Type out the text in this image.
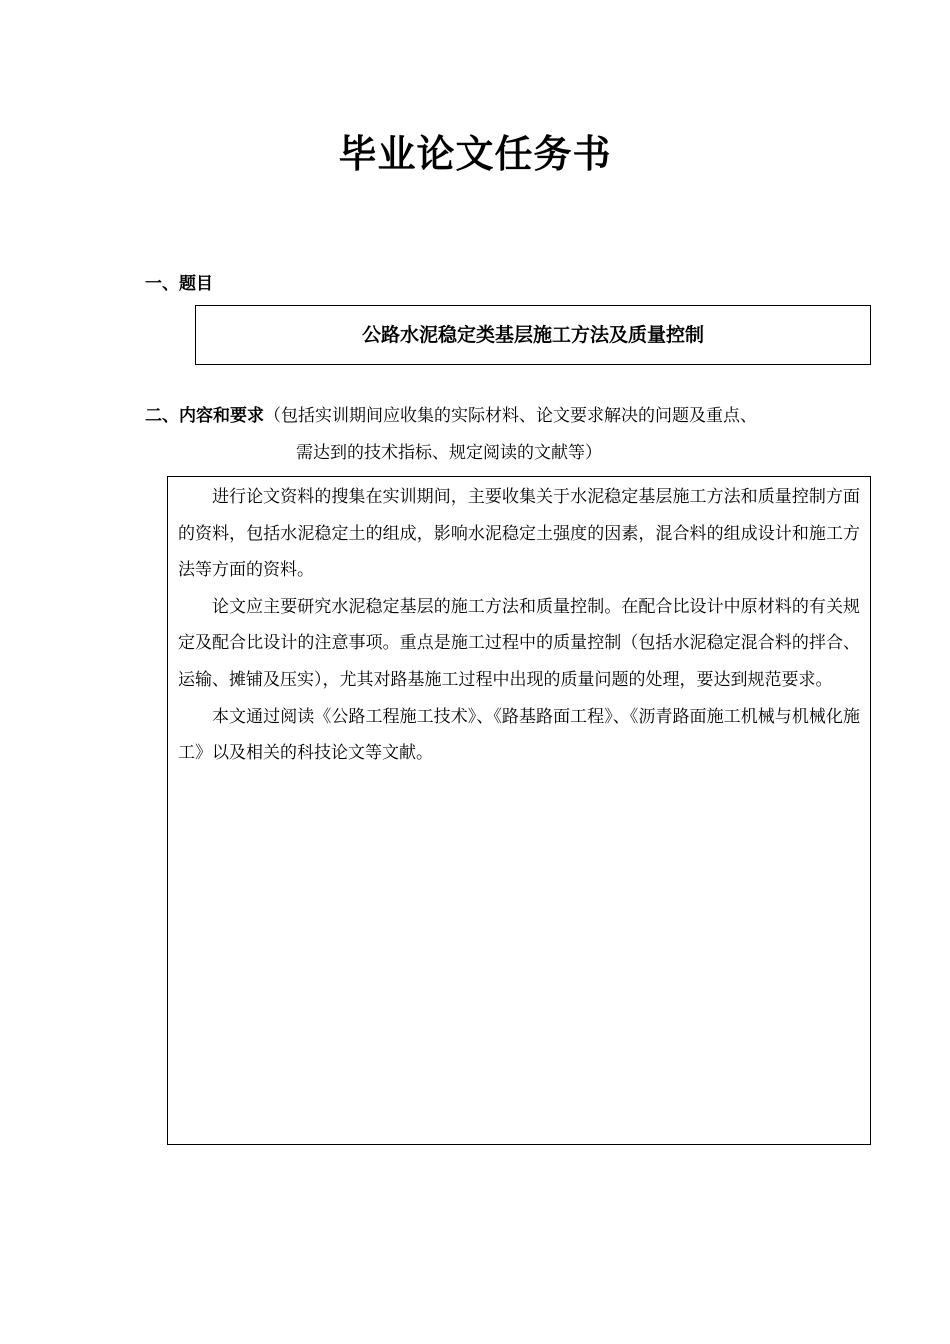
毕业论文任务书
一、题目
公路水泥稳定类基层施工方法及质量控制
二、内容和要求（包括实训期间应收集的实际材料、论文要求解决的问题及重点、
需达到的技术指标、规定阅读的文献等）

进行论文资料的搜集在实训期间，主要收集关于水泥稳定基层施工方法和质量控制方面的资料，包括水泥稳定土的组成，影响水泥稳定土强度的因素，混合料的组成设计和施工方法等方面的资料。

论文应主要研究水泥稳定基层的施工方法和质量控制。在配合比设计中原材料的有关规定及配合比设计的注意事项。重点是施工过程中的质量控制（包括水泥稳定混合料的拌合、运输、摊铺及压实），尤其对路基施工过程中出现的质量问题的处理，要达到规范要求。

本文通过阅读《公路工程施工技术》、《路基路面工程》、《沥青路面施工机械与机械化施工》以及相关的科技论文等文献。
